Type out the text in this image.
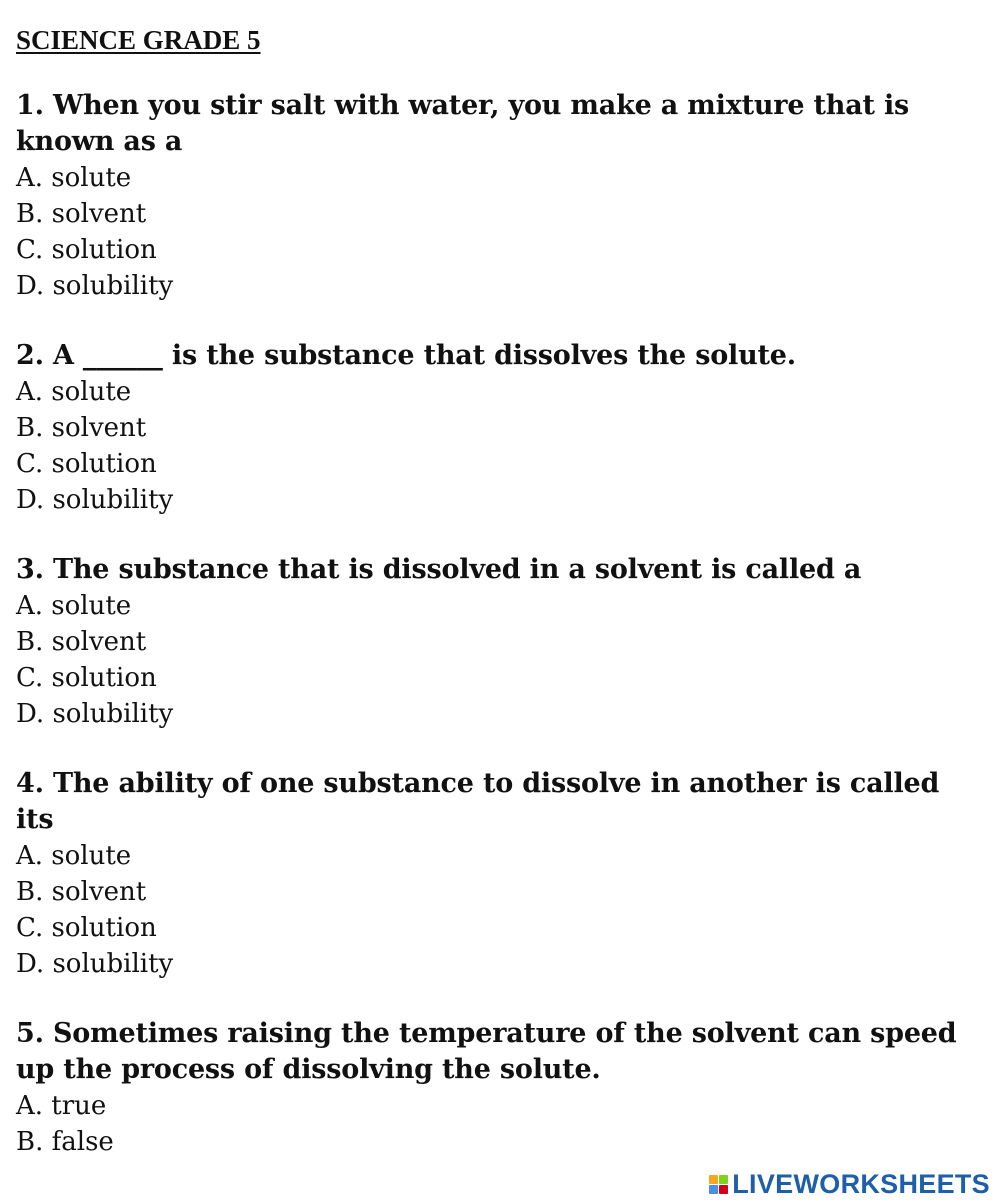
SCIENCE GRADE 5

1. When you stir salt with water, you make a mixture that is known as a

A. solute

B. solvent

C. solution

D. solubility

2. A ______ is the substance that dissolves the solute.

A. solute

B. solvent

C. solution

D. solubility

3. The substance that is dissolved in a solvent is called a

A. solute

B. solvent

C. solution

D. solubility

4. The ability of one substance to dissolve in another is called its

A. solute

B. solvent

C. solution

D. solubility

5. Sometimes raising the temperature of the solvent can speed up the process of dissolving the solute.

A. true

B. false

LIVEWORKSHEETS
